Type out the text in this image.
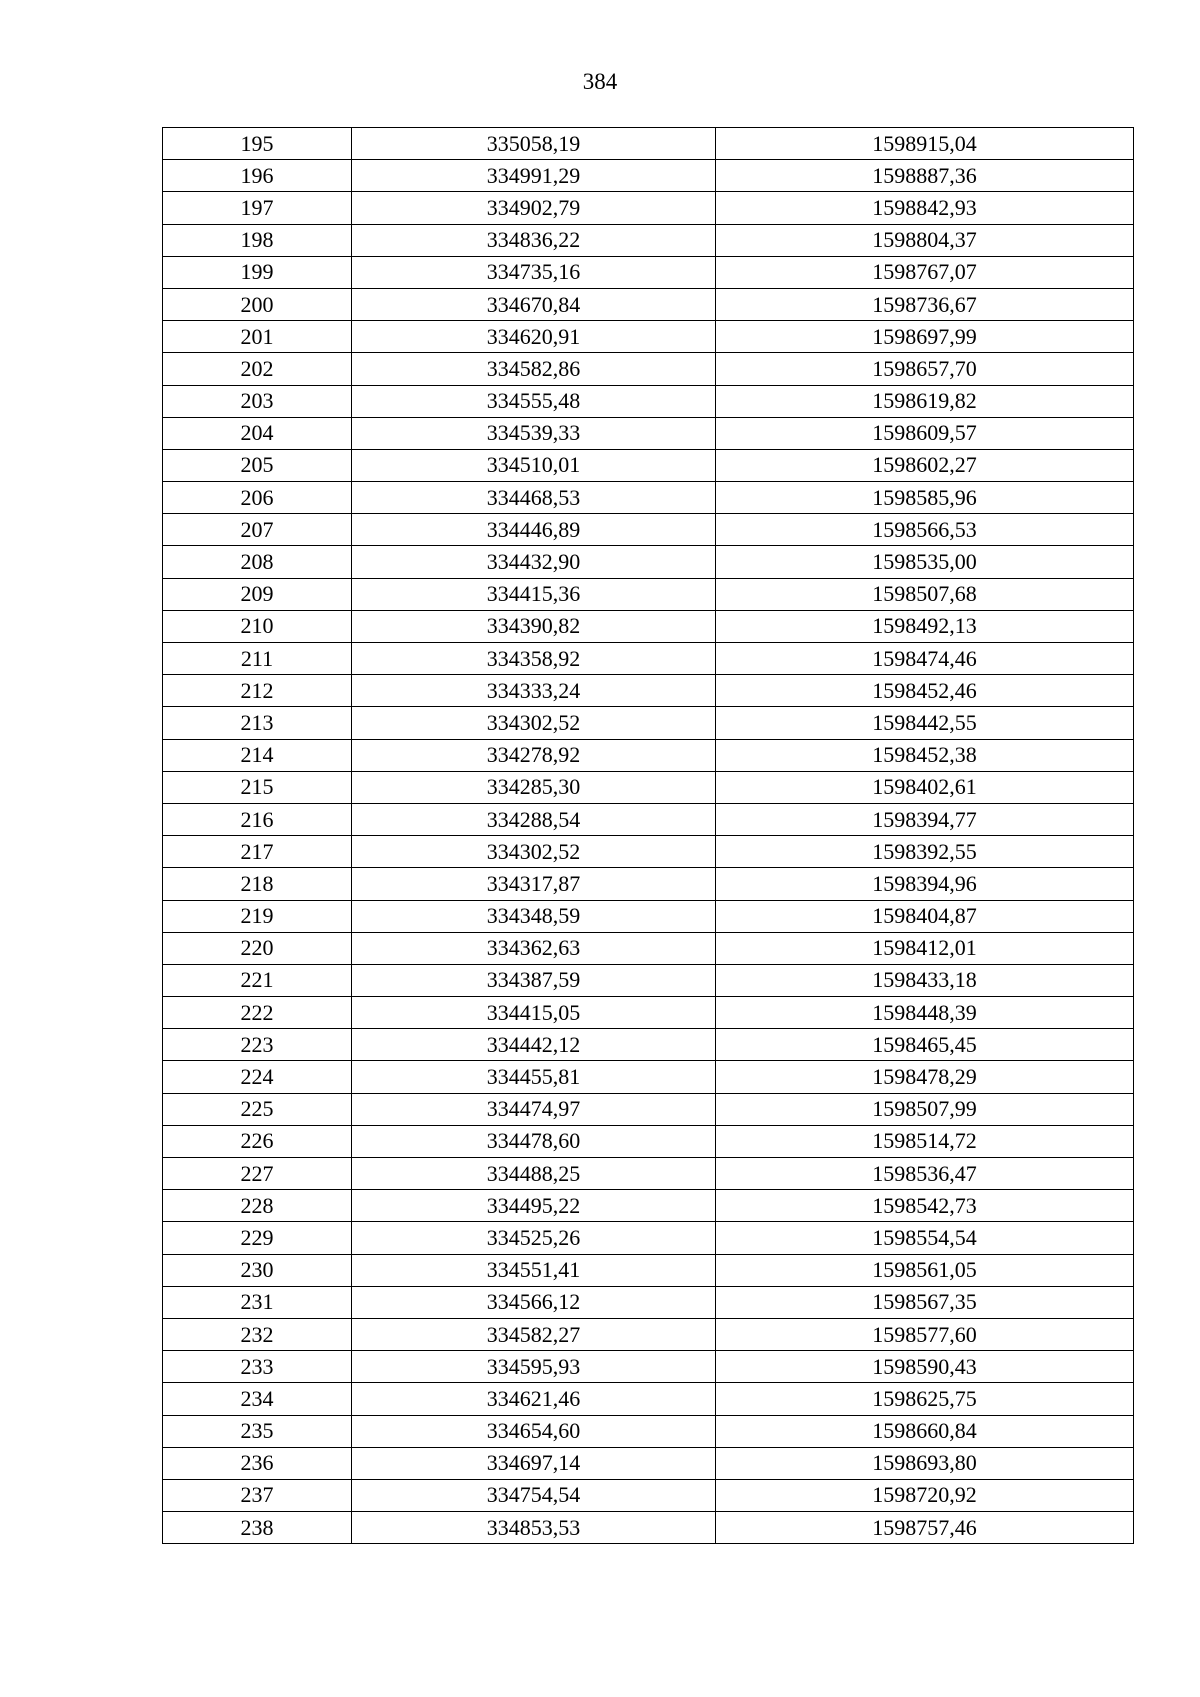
384
195	335058,19	1598915,04
196	334991,29	1598887,36
197	334902,79	1598842,93
198	334836,22	1598804,37
199	334735,16	1598767,07
200	334670,84	1598736,67
201	334620,91	1598697,99
202	334582,86	1598657,70
203	334555,48	1598619,82
204	334539,33	1598609,57
205	334510,01	1598602,27
206	334468,53	1598585,96
207	334446,89	1598566,53
208	334432,90	1598535,00
209	334415,36	1598507,68
210	334390,82	1598492,13
211	334358,92	1598474,46
212	334333,24	1598452,46
213	334302,52	1598442,55
214	334278,92	1598452,38
215	334285,30	1598402,61
216	334288,54	1598394,77
217	334302,52	1598392,55
218	334317,87	1598394,96
219	334348,59	1598404,87
220	334362,63	1598412,01
221	334387,59	1598433,18
222	334415,05	1598448,39
223	334442,12	1598465,45
224	334455,81	1598478,29
225	334474,97	1598507,99
226	334478,60	1598514,72
227	334488,25	1598536,47
228	334495,22	1598542,73
229	334525,26	1598554,54
230	334551,41	1598561,05
231	334566,12	1598567,35
232	334582,27	1598577,60
233	334595,93	1598590,43
234	334621,46	1598625,75
235	334654,60	1598660,84
236	334697,14	1598693,80
237	334754,54	1598720,92
238	334853,53	1598757,46
